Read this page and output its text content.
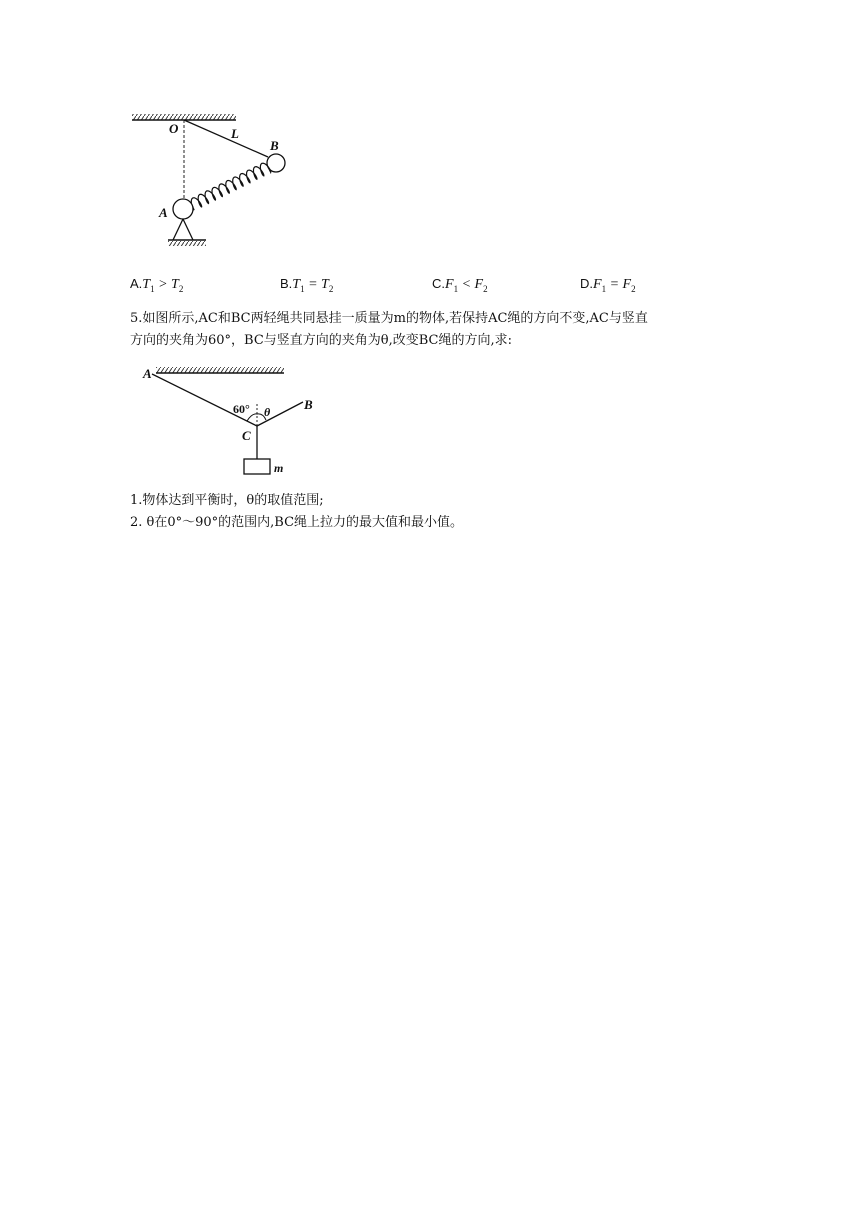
O	L
B
A
$A.T_1 > T_2$	$B.T_1 = T_2$	$C.F_1 < F_2$	$D.F_1 = F_2$
5.如图所示,AC和BC两轻绳共同悬挂一质量为m的物体,若保持AC绳的方向不变,AC与竖直
方向的夹角为60°，BC与竖直方向的夹角为θ,改变BC绳的方向,求:
A
B
C
60° θ
m
1.物体达到平衡时，θ的取值范围;
2. θ在0°～90°的范围内,BC绳上拉力的最大值和最小值。
